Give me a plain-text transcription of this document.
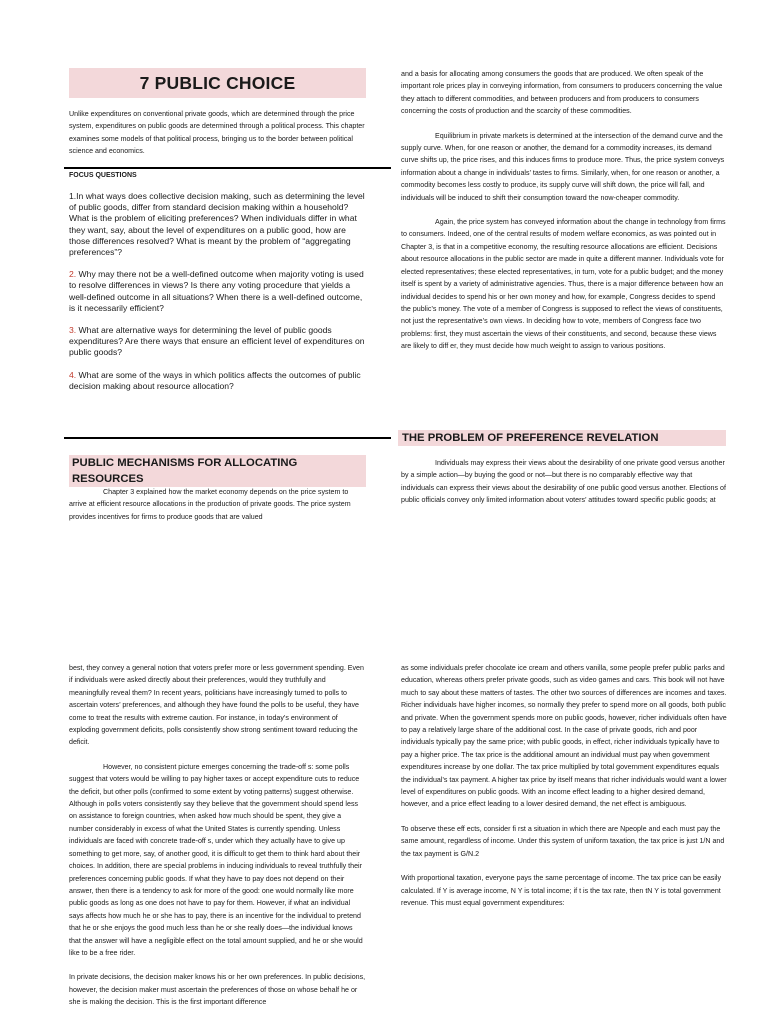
7 PUBLIC CHOICE

Unlike expenditures on conventional private goods, which are determined through the price system, expenditures on public goods are determined through a political process. This chapter examines some models of that political process, bringing us to the border between political science and economics.

FOCUS QUESTIONS

1.In what ways does collective decision making, such as determining the level of public goods, differ from standard decision making within a household? What is the problem of eliciting preferences? When individuals differ in what they want, say, about the level of expenditures on a public good, how are those differences resolved? What is meant by the problem of “aggregating preferences”?

2. Why may there not be a well-defined outcome when majority voting is used to resolve differences in views? Is there any voting procedure that yields a well-defined outcome in all situations? When there is a well-defined outcome,
is it necessarily efficient?

3. What are alternative ways for determining the level of public goods expenditures? Are there ways that ensure an efficient level of expenditures on
public goods?

4. What are some of the ways in which politics affects the outcomes of public decision making about resource allocation?

PUBLIC MECHANISMS FOR ALLOCATING RESOURCES

Chapter 3 explained how the market economy depends on the price system to arrive at efficient resource allocations in the production of private goods. The price system provides incentives for firms to produce goods that are valued

and a basis for allocating among consumers the goods that are produced. We often speak of the important role prices play in conveying information, from consumers to producers concerning the value they attach to different commodities, and between producers and from producers to consumers concerning the costs of production and the scarcity of these commodities.

Equilibrium in private markets is determined at the intersection of the demand curve and the supply curve. When, for one reason or another, the demand for a commodity increases, its demand curve shifts up, the price rises, and this induces firms to produce more. Thus, the price system conveys information about a change in individuals’ tastes to firms. Similarly, when, for one reason or another, a commodity becomes less costly to produce, its supply curve will shift down, the price will fall, and individuals will be induced to shift their consumption toward the now-cheaper commodity.

Again, the price system has conveyed information about the change in technology from firms to consumers. Indeed, one of the central results of modern welfare economics, as was pointed out in Chapter 3, is that in a competitive economy, the resulting resource allocations are efficient. Decisions about resource allocations in the public sector are made in quite a different manner. Individuals vote for elected representatives; these elected representatives, in turn, vote for a public budget; and the money itself is spent by a variety of administrative agencies. Thus, there is a major difference between how an individual decides to spend his or her own money and how, for example, Congress decides to spend the public’s money. The vote of a member of Congress is supposed to reflect the views of constituents, not just the representative’s own views. In deciding how to vote, members of Congress face two problems: first, they must ascertain the views of their constituents, and second, because these views are likely to diff er, they must decide how much weight to assign to various positions.

THE PROBLEM OF PREFERENCE REVELATION

Individuals may express their views about the desirability of one private good versus another by a simple action—by buying the good or not—but there is no comparably effective way that individuals can express their views about the desirability of one public good versus another. Elections of public officials convey only limited information about voters’ attitudes toward specific public goods; at

best, they convey a general notion that voters prefer more or less government spending. Even if individuals were asked directly about their preferences, would they truthfully and meaningfully reveal them? In recent years, politicians have increasingly turned to polls to ascertain voters’ preferences, and although they have found the polls to be useful, they have come to treat the results with extreme caution. For instance, in today’s environment of exploding government deficits, polls consistently show strong sentiment toward reducing the deficit.

However, no consistent picture emerges concerning the trade-off s: some polls suggest that voters would be willing to pay higher taxes or accept expenditure cuts to reduce the deficit, but other polls (confirmed to some extent by voting patterns) suggest otherwise. Although in polls voters consistently say they believe that the government should spend less on assistance to foreign countries, when asked how much should be spent, they give a number considerably in excess of what the United States is currently spending. Unless individuals are faced with concrete trade-off s, under which they actually have to give up something to get more, say, of another good, it is difficult to get them to think hard about their choices. In addition, there are special problems in inducing individuals to reveal truthfully their preferences concerning public goods. If what they have to pay does not depend on their answer, then there is a tendency to ask for more of the good: one would normally like more public goods as long as one does not have to pay for them. However, if what an individual says affects how much he or she has to pay, there is an incentive for the individual to pretend that he or she enjoys the good much less than he or she really does—the individual knows that the answer will have a negligible effect on the total amount supplied, and he or she would like to be a free rider.

In private decisions, the decision maker knows his or her own preferences. In public decisions, however, the decision maker must ascertain the preferences of those on whose behalf he or she is making the decision. This is the first important difference

as some individuals prefer chocolate ice cream and others vanilla, some people prefer public parks and education, whereas others prefer private goods, such as video games and cars. This book will not have much to say about these matters of tastes. The other two sources of differences are incomes and taxes. Richer individuals have higher incomes, so normally they prefer to spend more on all goods, both public and private. When the government spends more on public goods, however, richer individuals often have to pay a relatively large share of the additional cost. In the case of private goods, rich and poor individuals typically pay the same price; with public goods, in effect, richer individuals typically have to pay a higher price. The tax price is the additional amount an individual must pay when government expenditures increase by one dollar. The tax price multiplied by total government expenditures equals the individual’s tax payment. A higher tax price by itself means that richer individuals would want a lower level of expenditures on public goods. With an income effect leading to a higher desired demand, however, and a price effect leading to a lower desired demand, the net effect is ambiguous.

To observe these eff ects, consider fi rst a situation in which there are Npeople and each must pay the same amount, regardless of income. Under this system of uniform taxation, the tax price is just 1/N and the tax payment is G/N.2

With proportional taxation, everyone pays the same percentage of income. The tax price can be easily calculated. If Y is average income, N Y is total income; if t is the tax rate, then tN Y is total government revenue. This must equal government expenditures:
